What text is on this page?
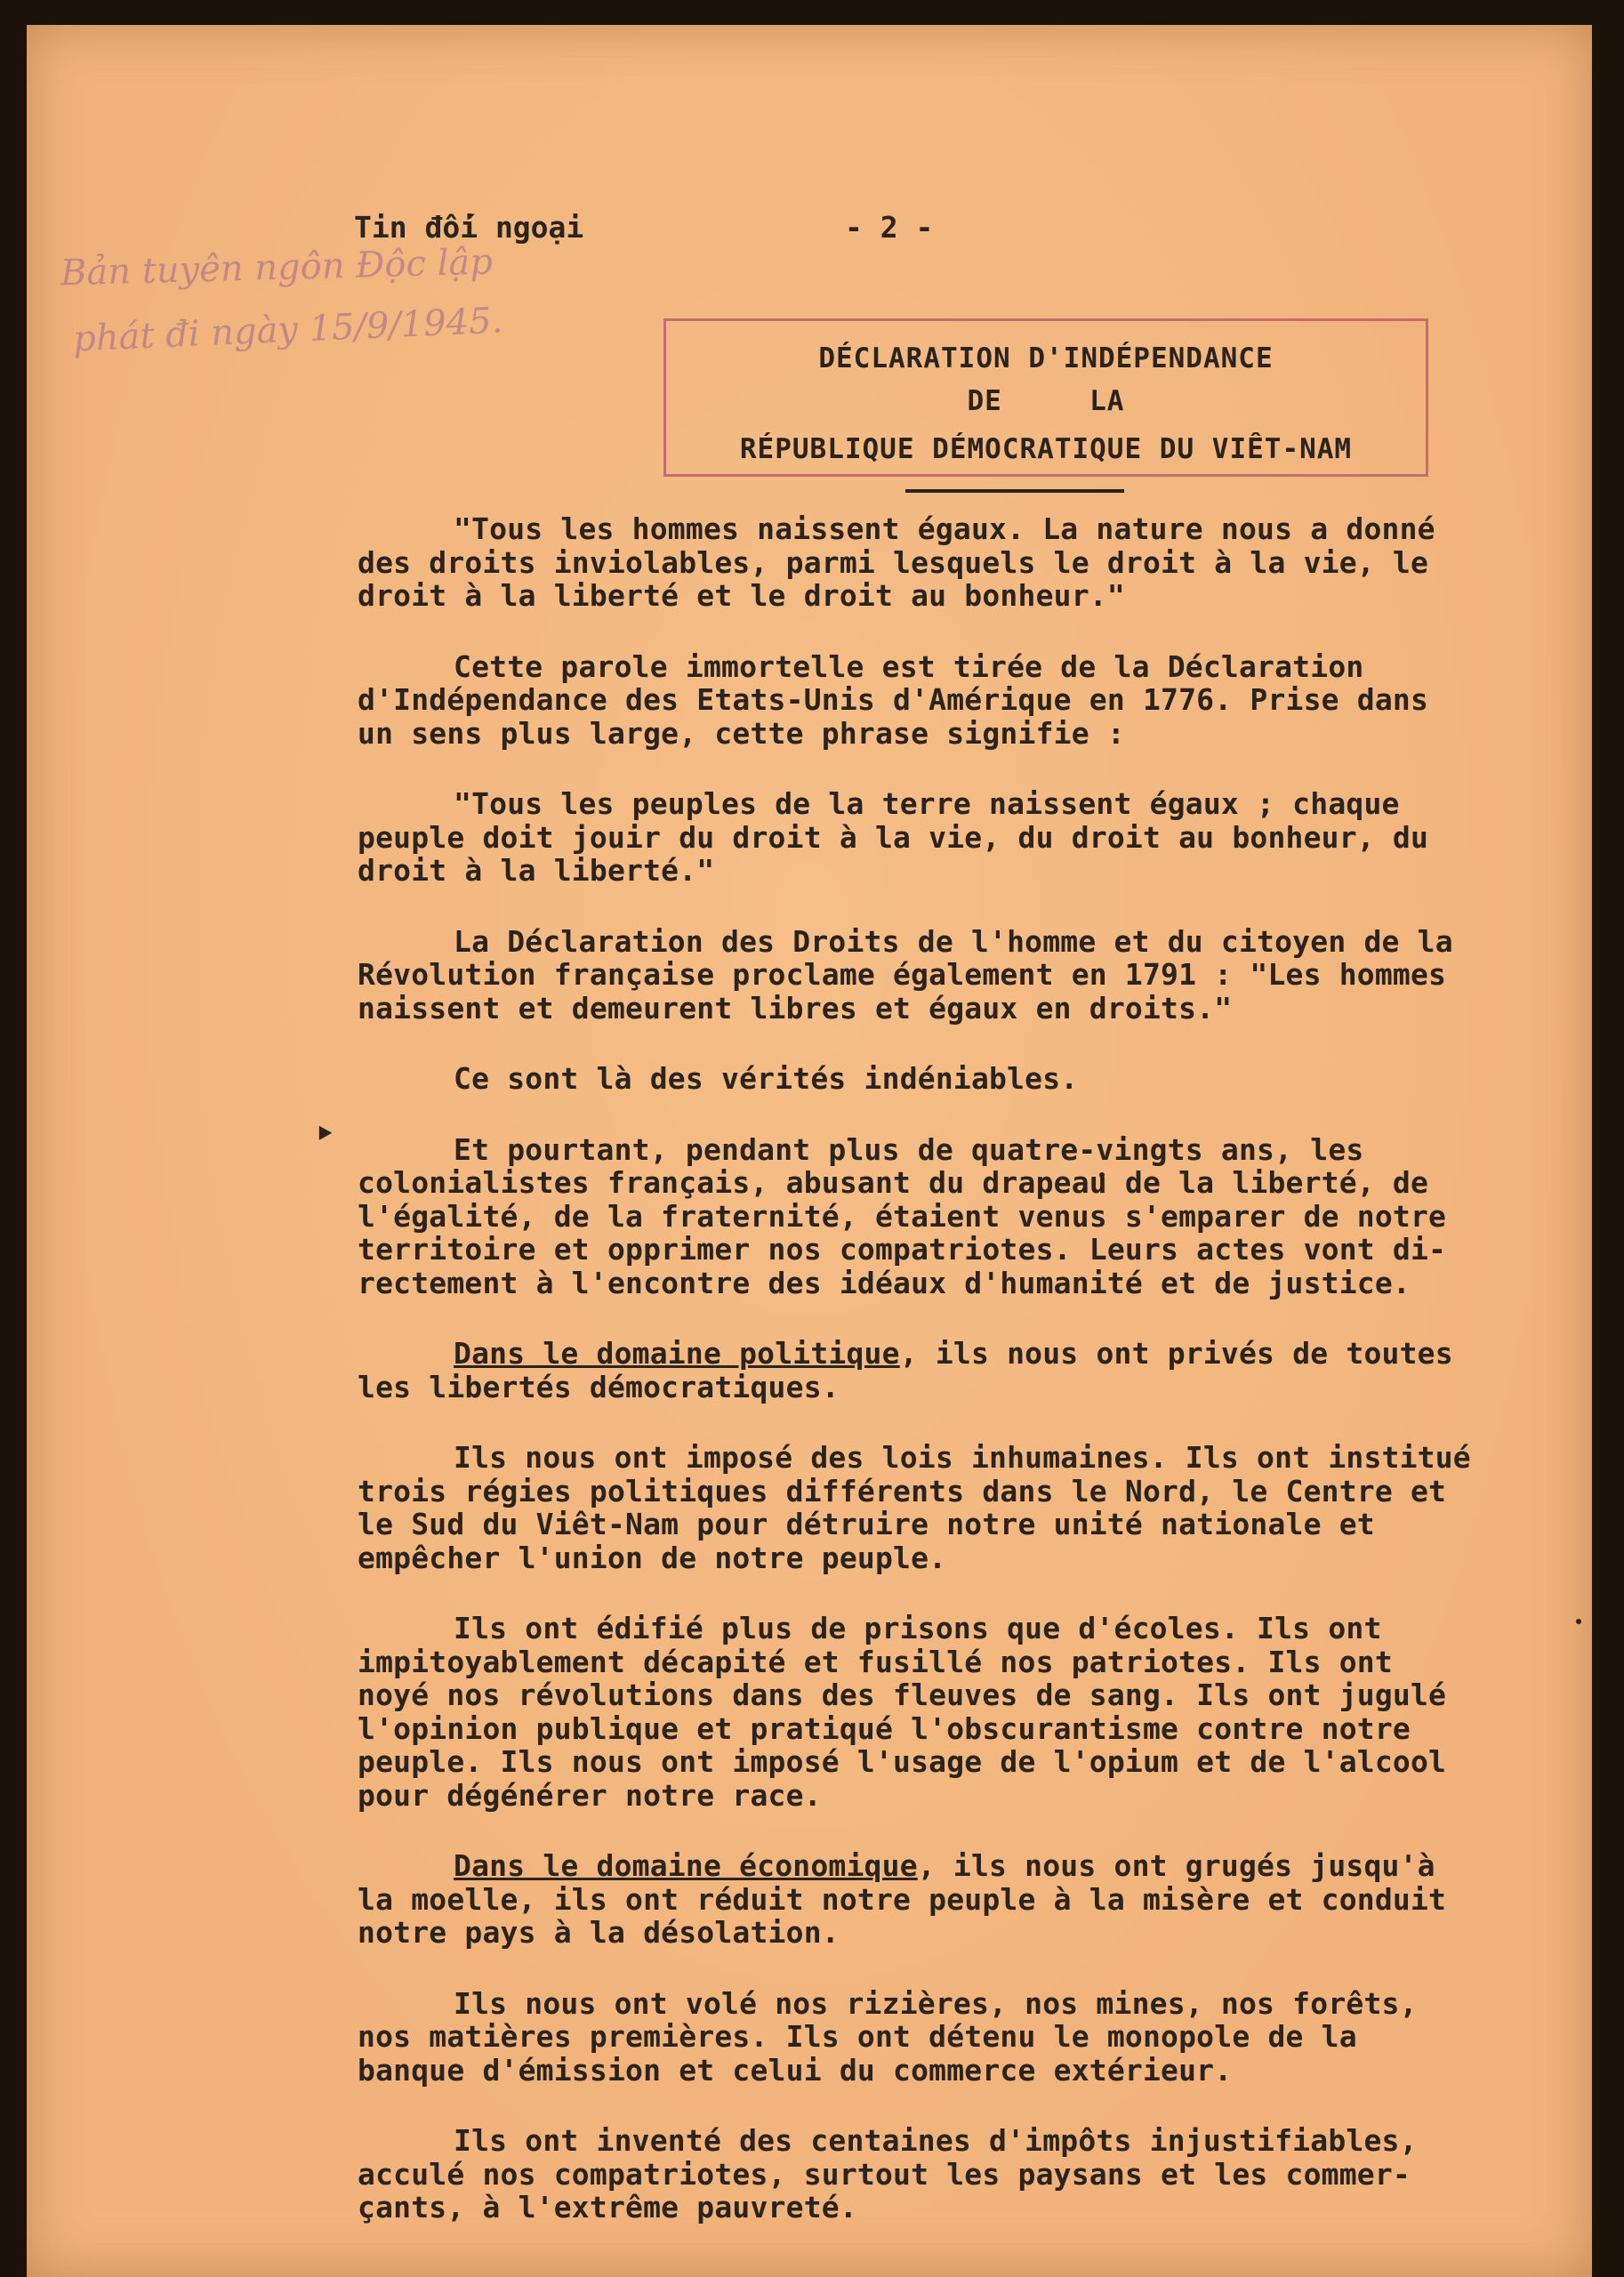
Tin đối ngoại	- 2 -
Bản tuyên ngôn Độc lập
phát đi ngày 15/9/1945.	DÉCLARATION D'INDÉPENDANCE
DE     LA
RÉPUBLIQUE DÉMOCRATIQUE DU VIÊT-NAM
‣
"Tous les hommes naissent égaux. La nature nous a donné
des droits inviolables, parmi lesquels le droit à la vie, le
droit à la liberté et le droit au bonheur."
Cette parole immortelle est tirée de la Déclaration
d'Indépendance des Etats-Unis d'Amérique en 1776. Prise dans
un sens plus large, cette phrase signifie :
"Tous les peuples de la terre naissent égaux ; chaque
peuple doit jouir du droit à la vie, du droit au bonheur, du
droit à la liberté."
La Déclaration des Droits de l'homme et du citoyen de la
Révolution française proclame également en 1791 : "Les hommes
naissent et demeurent libres et égaux en droits."
Ce sont là des vérités indéniables.
Et pourtant, pendant plus de quatre-vingts ans, les
colonialistes français, abusant du drapeau de la liberté, de
l'égalité, de la fraternité, étaient venus s'emparer de notre
territoire et opprimer nos compatriotes. Leurs actes vont di-
rectement à l'encontre des idéaux d'humanité et de justice.
Dans le domaine politique, ils nous ont privés de toutes
les libertés démocratiques.
Ils nous ont imposé des lois inhumaines. Ils ont institué
trois régies politiques différents dans le Nord, le Centre et
le Sud du Viêt-Nam pour détruire notre unité nationale et
empêcher l'union de notre peuple.
Ils ont édifié plus de prisons que d'écoles. Ils ont
impitoyablement décapité et fusillé nos patriotes. Ils ont
noyé nos révolutions dans des fleuves de sang. Ils ont jugulé
l'opinion publique et pratiqué l'obscurantisme contre notre
peuple. Ils nous ont imposé l'usage de l'opium et de l'alcool
pour dégénérer notre race.
Dans le domaine économique, ils nous ont grugés jusqu'à
la moelle, ils ont réduit notre peuple à la misère et conduit
notre pays à la désolation.
Ils nous ont volé nos rizières, nos mines, nos forêts,
nos matières premières. Ils ont détenu le monopole de la
banque d'émission et celui du commerce extérieur.
Ils ont inventé des centaines d'impôts injustifiables,
acculé nos compatriotes, surtout les paysans et les commer-
çants, à l'extrême pauvreté.
